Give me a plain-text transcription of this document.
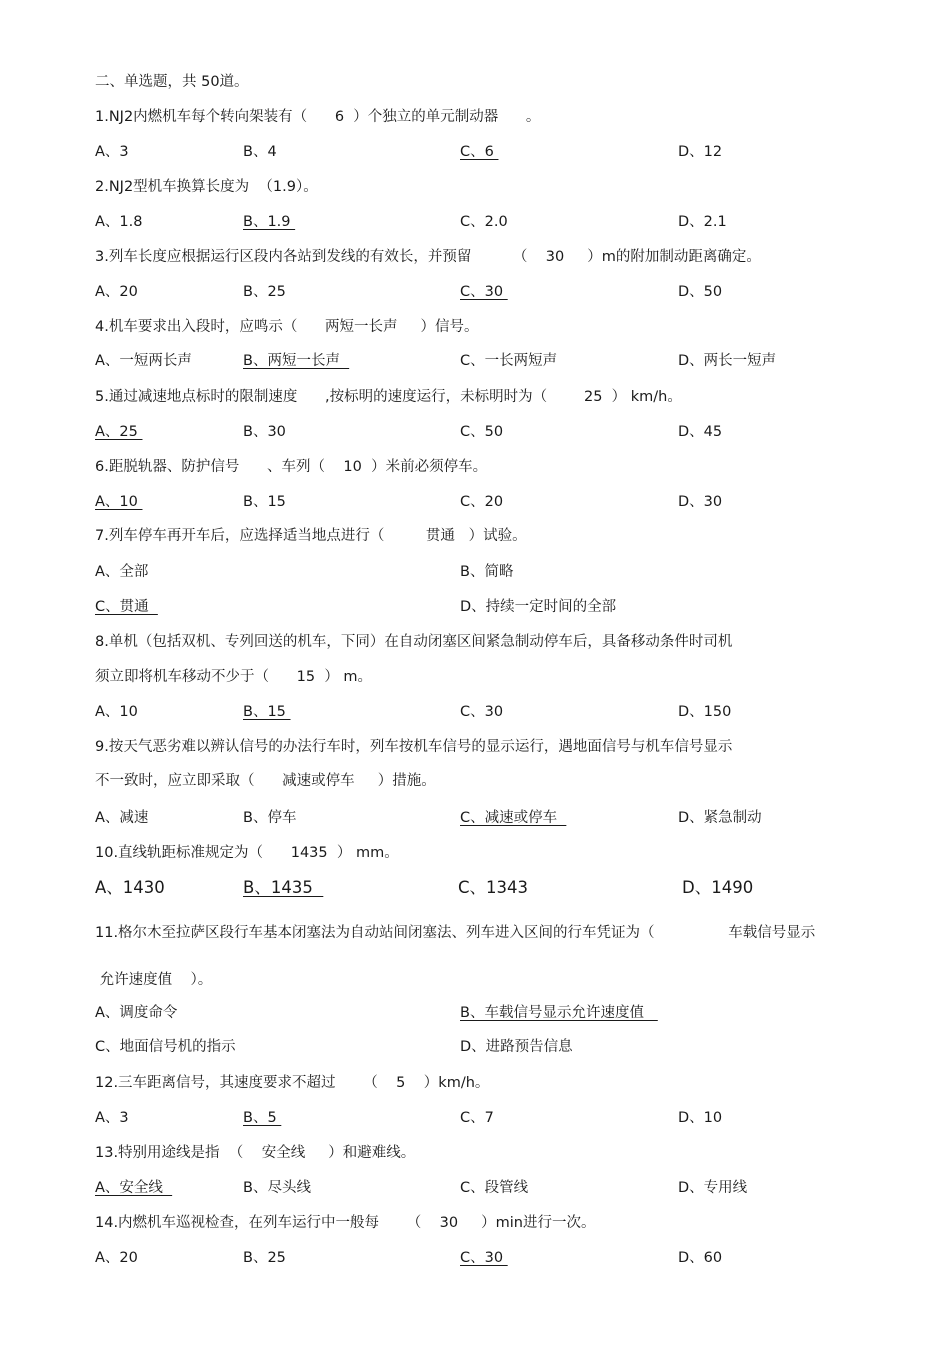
二、单选题，共 50道。
1.NJ2内燃机车每个转向架装有（      6  ）个独立的单元制动器      。
A、3	B、4	C、6	D、12
2.NJ2型机车换算长度为  （1.9）。
A、1.8	B、1.9	C、2.0	D、2.1
3.列车长度应根据运行区段内各站到发线的有效长，并预留         （    30     ）m的附加制动距离确定。
A、20	B、25	C、30	D、50
4.机车要求出入段时，应鸣示（      两短一长声     ）信号。
A、一短两长声	B、两短一长声	C、一长两短声	D、两长一短声
5.通过减速地点标时的限制速度      ,按标明的速度运行，未标明时为（        25  ） km/h。
A、25	B、30	C、50	D、45
6.距脱轨器、防护信号      、车列（    10  ）米前必须停车。
A、10	B、15	C、20	D、30
7.列车停车再开车后，应选择适当地点进行（         贯通   ）试验。
A、全部	B、简略
C、贯通	D、持续一定时间的全部
8.单机（包括双机、专列回送的机车，下同）在自动闭塞区间紧急制动停车后，具备移动条件时司机
须立即将机车移动不少于（      15  ） m。
A、10	B、15	C、30	D、150
9.按天气恶劣难以辨认信号的办法行车时，列车按机车信号的显示运行，遇地面信号与机车信号显示
不一致时，应立即采取（      减速或停车     ）措施。
A、减速	B、停车	C、减速或停车	D、紧急制动
10.直线轨距标准规定为（      1435  ） mm。
A、1430	B、1435	C、1343	D、1490
11.格尔木至拉萨区段行车基本闭塞法为自动站间闭塞法、列车进入区间的行车凭证为（                车载信号显示
允许速度值    ）。
A、调度命令	B、车载信号显示允许速度值
C、地面信号机的指示	D、进路预告信息
12.三车距离信号，其速度要求不超过      （    5    ）km/h。
A、3	B、5	C、7	D、10
13.特别用途线是指  （    安全线     ）和避难线。
A、安全线	B、尽头线	C、段管线	D、专用线
14.内燃机车巡视检查，在列车运行中一般每      （    30     ）min进行一次。
A、20	B、25	C、30	D、60
